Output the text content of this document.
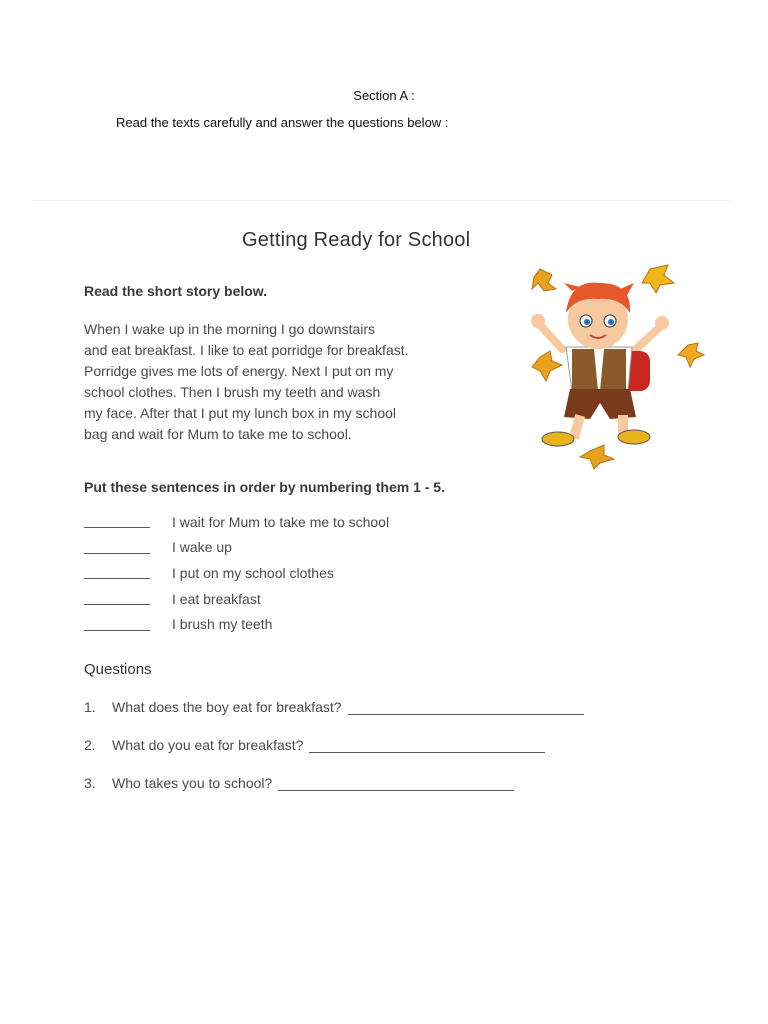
Section A :
Read the texts carefully and answer the questions below :
Getting Ready for School
Read the short story below.
When I wake up in the morning I go downstairs
and eat breakfast. I like to eat porridge for breakfast.
Porridge gives me lots of energy. Next I put on my
school clothes. Then I brush my teeth and wash
my face. After that I put my lunch box in my school
bag and wait for Mum to take me to school.
Put these sentences in order by numbering them 1 - 5.
I wait for Mum to take me to school
I wake up
I put on my school clothes
I eat breakfast
I brush my teeth
Questions
1.	What does the boy eat for breakfast?
2.	What do you eat for breakfast?
3.	Who takes you to school?
